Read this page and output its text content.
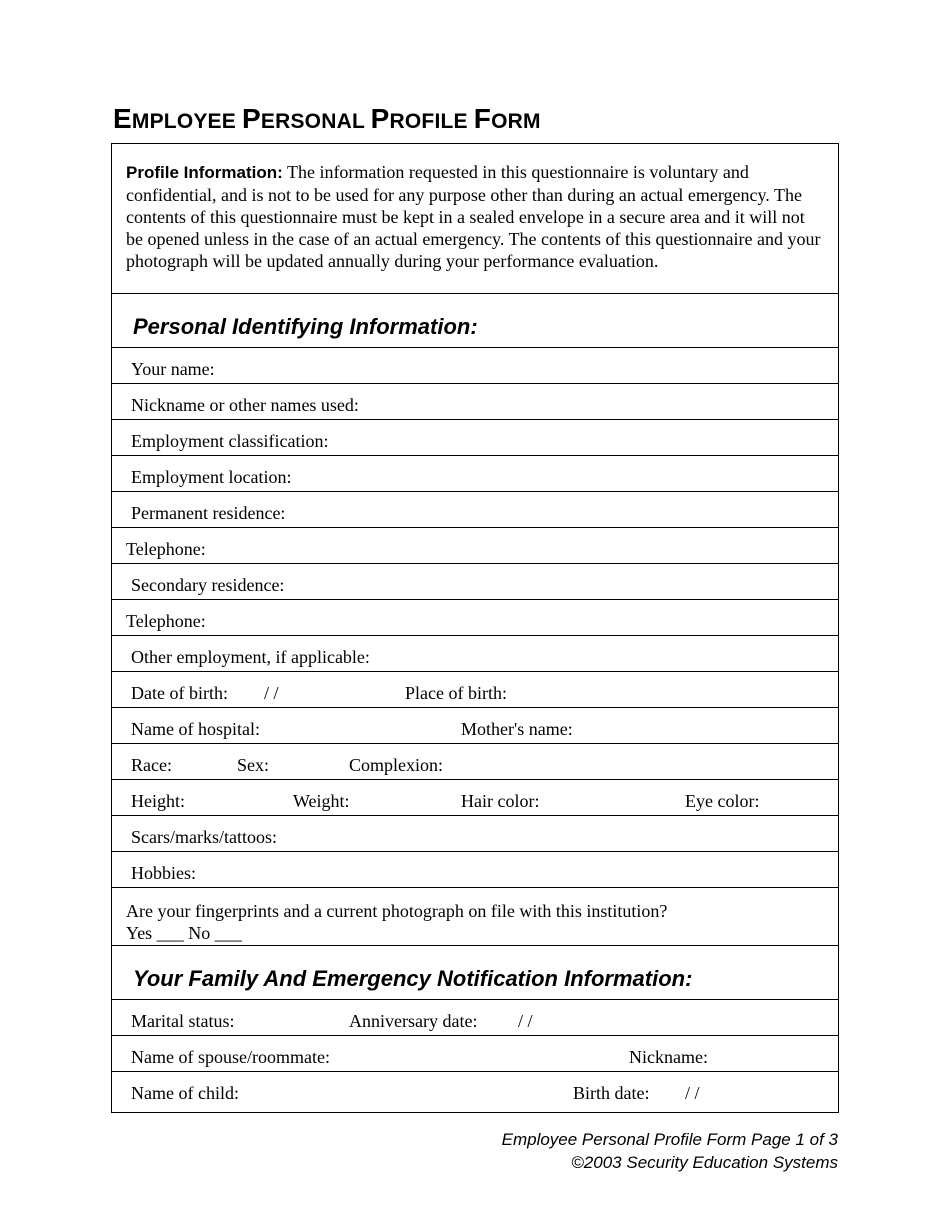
EMPLOYEE PERSONAL PROFILE FORM
Profile Information: The information requested in this questionnaire is voluntary and confidential, and is not to be used for any purpose other than during an actual emergency. The contents of this questionnaire must be kept in a sealed envelope in a secure area and it will not be opened unless in the case of an actual emergency. The contents of this questionnaire and your photograph will be updated annually during your performance evaluation.
Personal Identifying Information:
Your name:
Nickname or other names used:
Employment classification:
Employment location:
Permanent residence:
Telephone:
Secondary residence:
Telephone:
Other employment, if applicable:
Date of birth: / /	Place of birth:
Name of hospital:	Mother's name:
Race:	Sex:	Complexion:
Height:	Weight:	Hair color:	Eye color:
Scars/marks/tattoos:
Hobbies:
Are your fingerprints and a current photograph on file with this institution?
Yes ___ No ___
Your Family And Emergency Notification Information:
Marital status:	Anniversary date: / /
Name of spouse/roommate:	Nickname:
Name of child:	Birth date: / /
Employee Personal Profile Form Page 1 of 3
©2003 Security Education Systems
